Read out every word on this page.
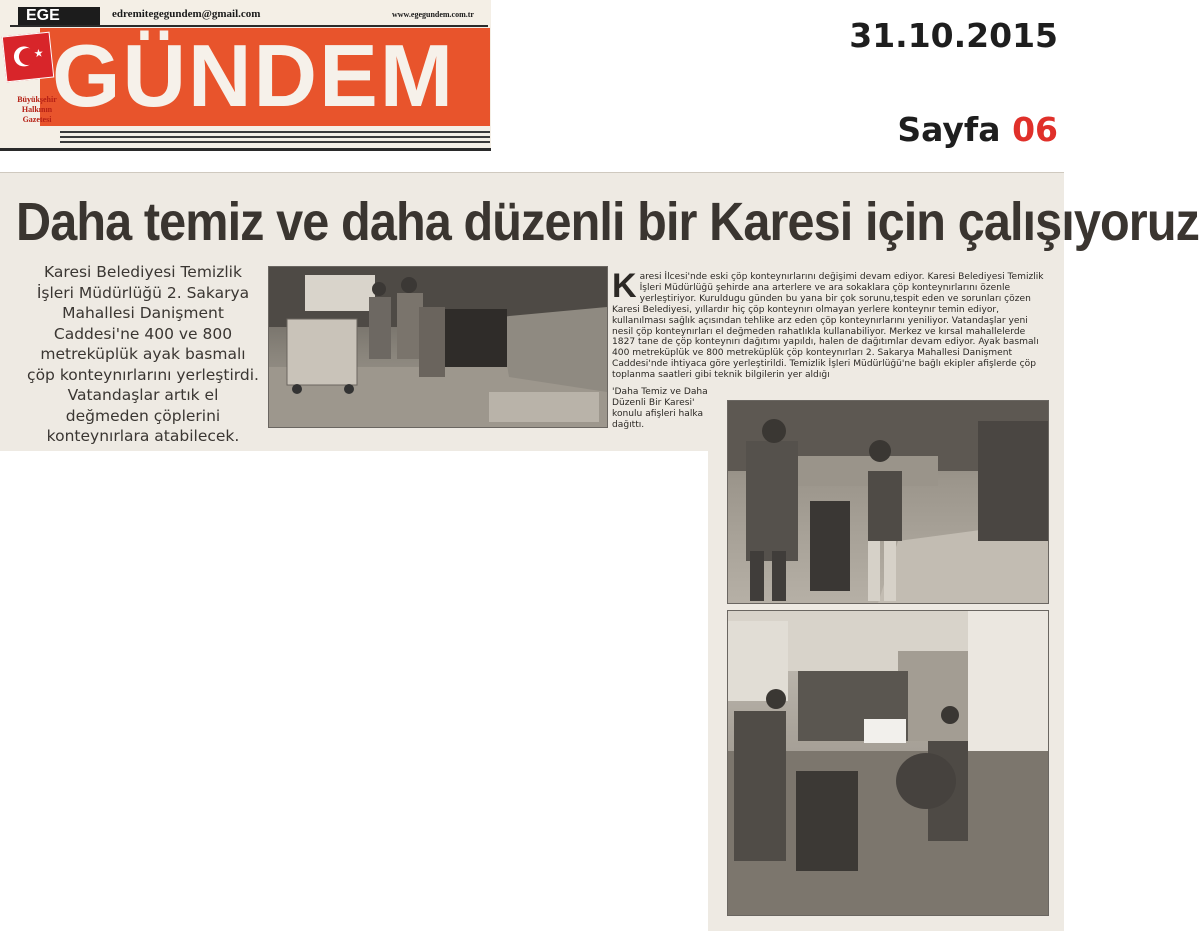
EGE	edremitegegundem@gmail.com	www.egegundem.com.tr
GÜNDEM
★
Büyükşehir Halkının Gazetesi
31.10.2015
Sayfa 06
Daha temiz ve daha düzenli bir Karesi için çalışıyoruz
Karesi Belediyesi Temizlik İşleri Müdürlüğü 2. Sakarya Mahallesi Danişment Caddesi'ne 400 ve 800 metreküplük ayak basmalı çöp konteynırlarını yerleştirdi. Vatandaşlar artık el değmeden çöplerini konteynırlara atabilecek.
K aresi İlcesi'nde eski çöp konteynırlarını değişimi devam ediyor. Karesi Belediyesi Temizlik İşleri Müdürlüğü şehirde ana arterlere ve ara sokaklara çöp konteynırlarını özenle yerleştiriyor. Kuruldugu günden bu yana bir çok sorunu,tespit eden ve sorunları çözen Karesi Belediyesi, yıllardır hiç çöp konteynırı olmayan yerlere konteynır temin ediyor, kullanılması sağlık açısından tehlike arz eden çöp konteynırlarını yeniliyor. Vatandaşlar yeni nesil çöp konteynırları el değmeden rahatlıkla kullanabiliyor. Merkez ve kırsal mahallelerde 1827 tane de çöp konteynırı dağıtımı yapıldı, halen de dağıtımlar devam ediyor. Ayak basmalı 400 metreküplük ve 800 metreküplük çöp konteynırları 2. Sakarya Mahallesi Danişment Caddesi'nde ihtiyaca göre yerleştirildi. Temizlik İşleri Müdürlüğü'ne bağlı ekipler afişlerde çöp toplanma saatleri gibi teknik bilgilerin yer aldığı

'Daha Temiz ve Daha Düzenli Bir Karesi' konulu afişleri halka dağıttı.
